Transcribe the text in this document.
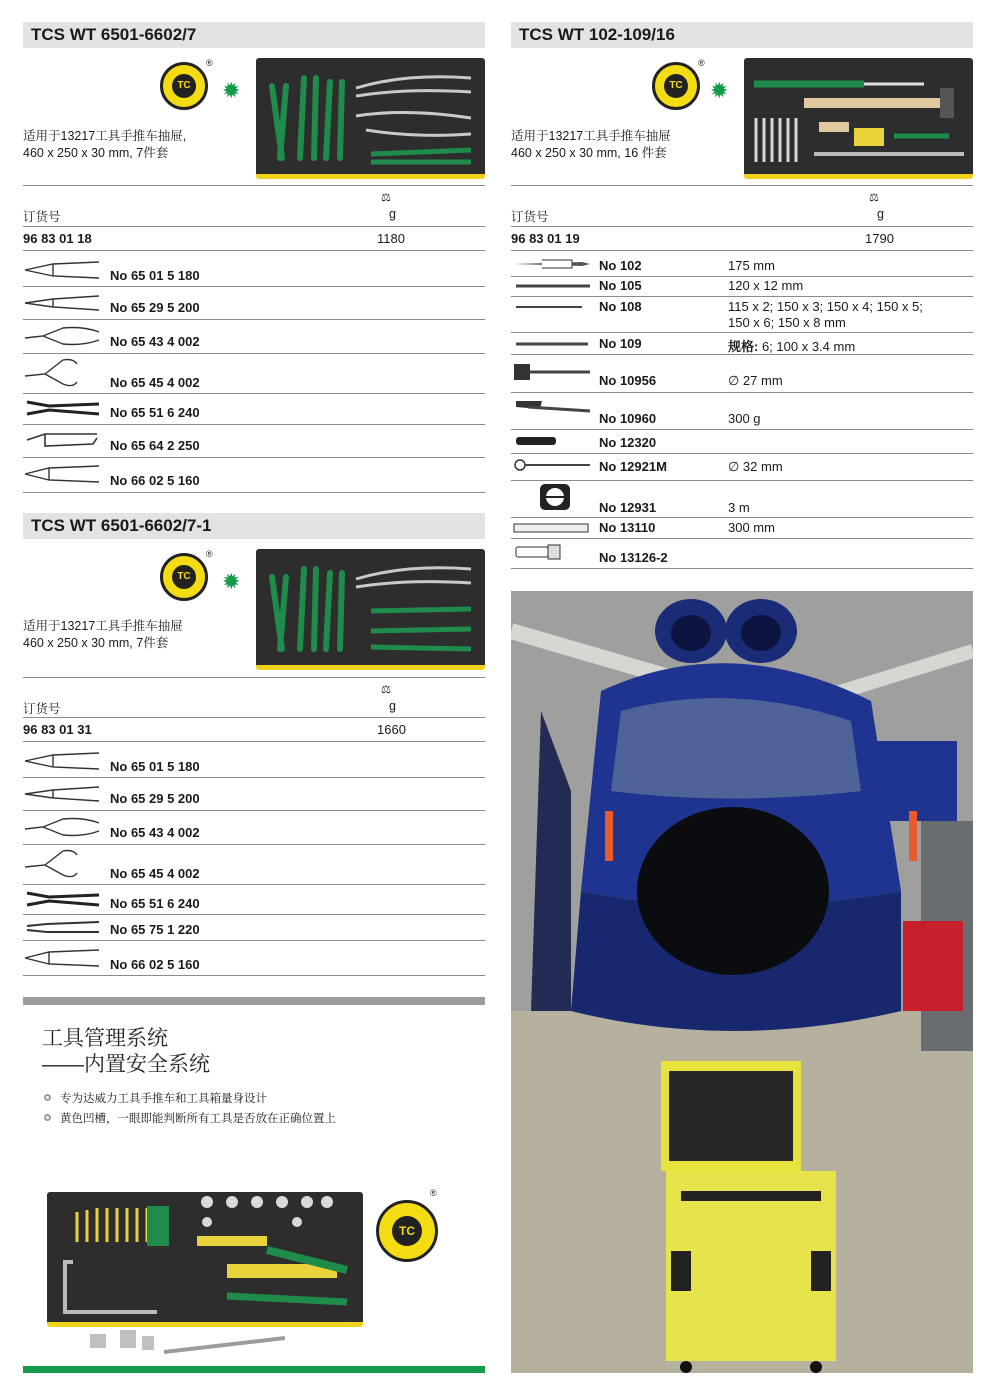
TCS WT 6501-6602/7
TC
®
✹
适用于13217工具手推车抽屉,
460 x 250 x 30 mm, 7件套
⚖
订货号	g
96 83 01 18	1180
No 65 01 5 180
No 65 29 5 200
No 65 43 4 002
No 65 45 4 002
No 65 51 6 240
No 65 64 2 250
No 66 02 5 160
TCS WT 6501-6602/7-1
TC
®
✹
适用于13217工具手推车抽屉
460 x 250 x 30 mm, 7件套
⚖
订货号	g
96 83 01 31	1660
No 65 01 5 180
No 65 29 5 200
No 65 43 4 002
No 65 45 4 002
No 65 51 6 240
No 65 75 1 220
No 66 02 5 160
工具管理系统
——内置安全系统
专为达威力工具手推车和工具箱量身设计
黄色凹槽，一眼即能判断所有工具是否放在正确位置上
TC
®
TCS WT 102-109/16
TC
®
✹
适用于13217工具手推车抽屉
460 x 250 x 30 mm, 16 件套
⚖
订货号	g
96 83 01 19	1790
No 102	175 mm
No 105	120 x 12 mm
No 108	115 x 2; 150 x 3; 150 x 4; 150 x 5;
150 x 6; 150 x 8 mm
No 109	规格: 6; 100 x 3.4 mm
No 10956	∅ 27 mm
No 10960	300 g
No 12320
No 12921M	∅ 32 mm
No 12931	3 m
No 13110	300 mm
No 13126-2
